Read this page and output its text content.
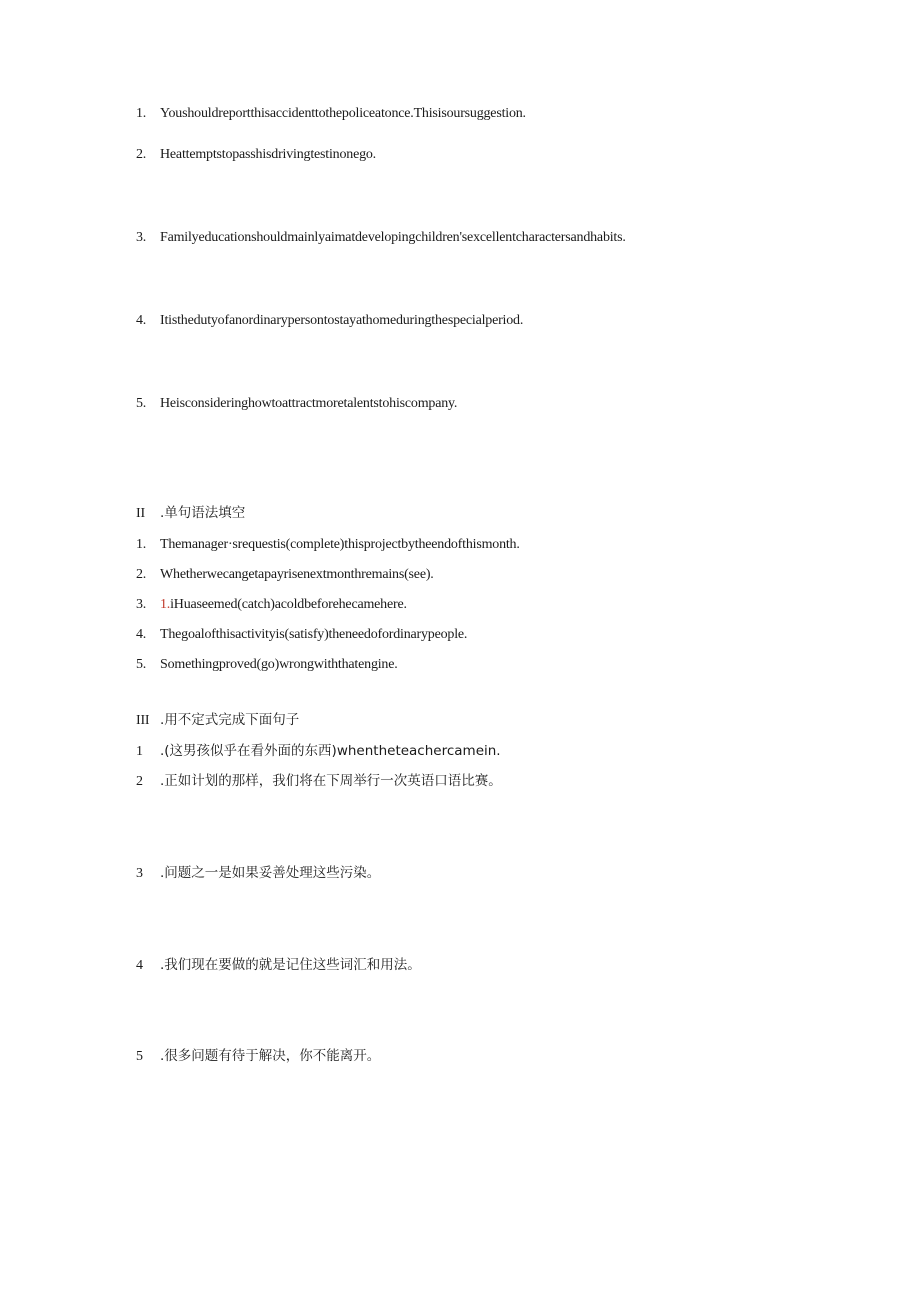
1. Youshouldreportthisaccidenttothepoliceatonce.Thisisoursuggestion.
2. Heattemptstopasshisdrivingtestinonego.
3. Familyeducationshouldmainlyaimatdevelopingchildren'sexcellentcharactersandhabits.
4. Itisthedutyofanordinarypersontostayathomeduringthespecialperiod.
5. Heisconsideringhowtoattractmoretalentstohiscompany.
II .单句语法填空
1. Themanager·srequestis(complete)thisprojectbytheendofthismonth.
2. Whetherwecangetapayrisenextmonthremains(see).
3. 1.iHuaseemed(catch)acoldbeforehecamehere.
4. Thegoalofthisactivityis(satisfy)theneedofordinarypeople.
5. Somethingproved(go)wrongwiththatengine.
III .用不定式完成下面句子
1 .(这男孩似乎在看外面的东西)whentheteachercamein.
2 .正如计划的那样，我们将在下周举行一次英语口语比赛。
3 .问题之一是如果妥善处理这些污染。
4 .我们现在要做的就是记住这些词汇和用法。
5 .很多问题有待于解决，你不能离开。
